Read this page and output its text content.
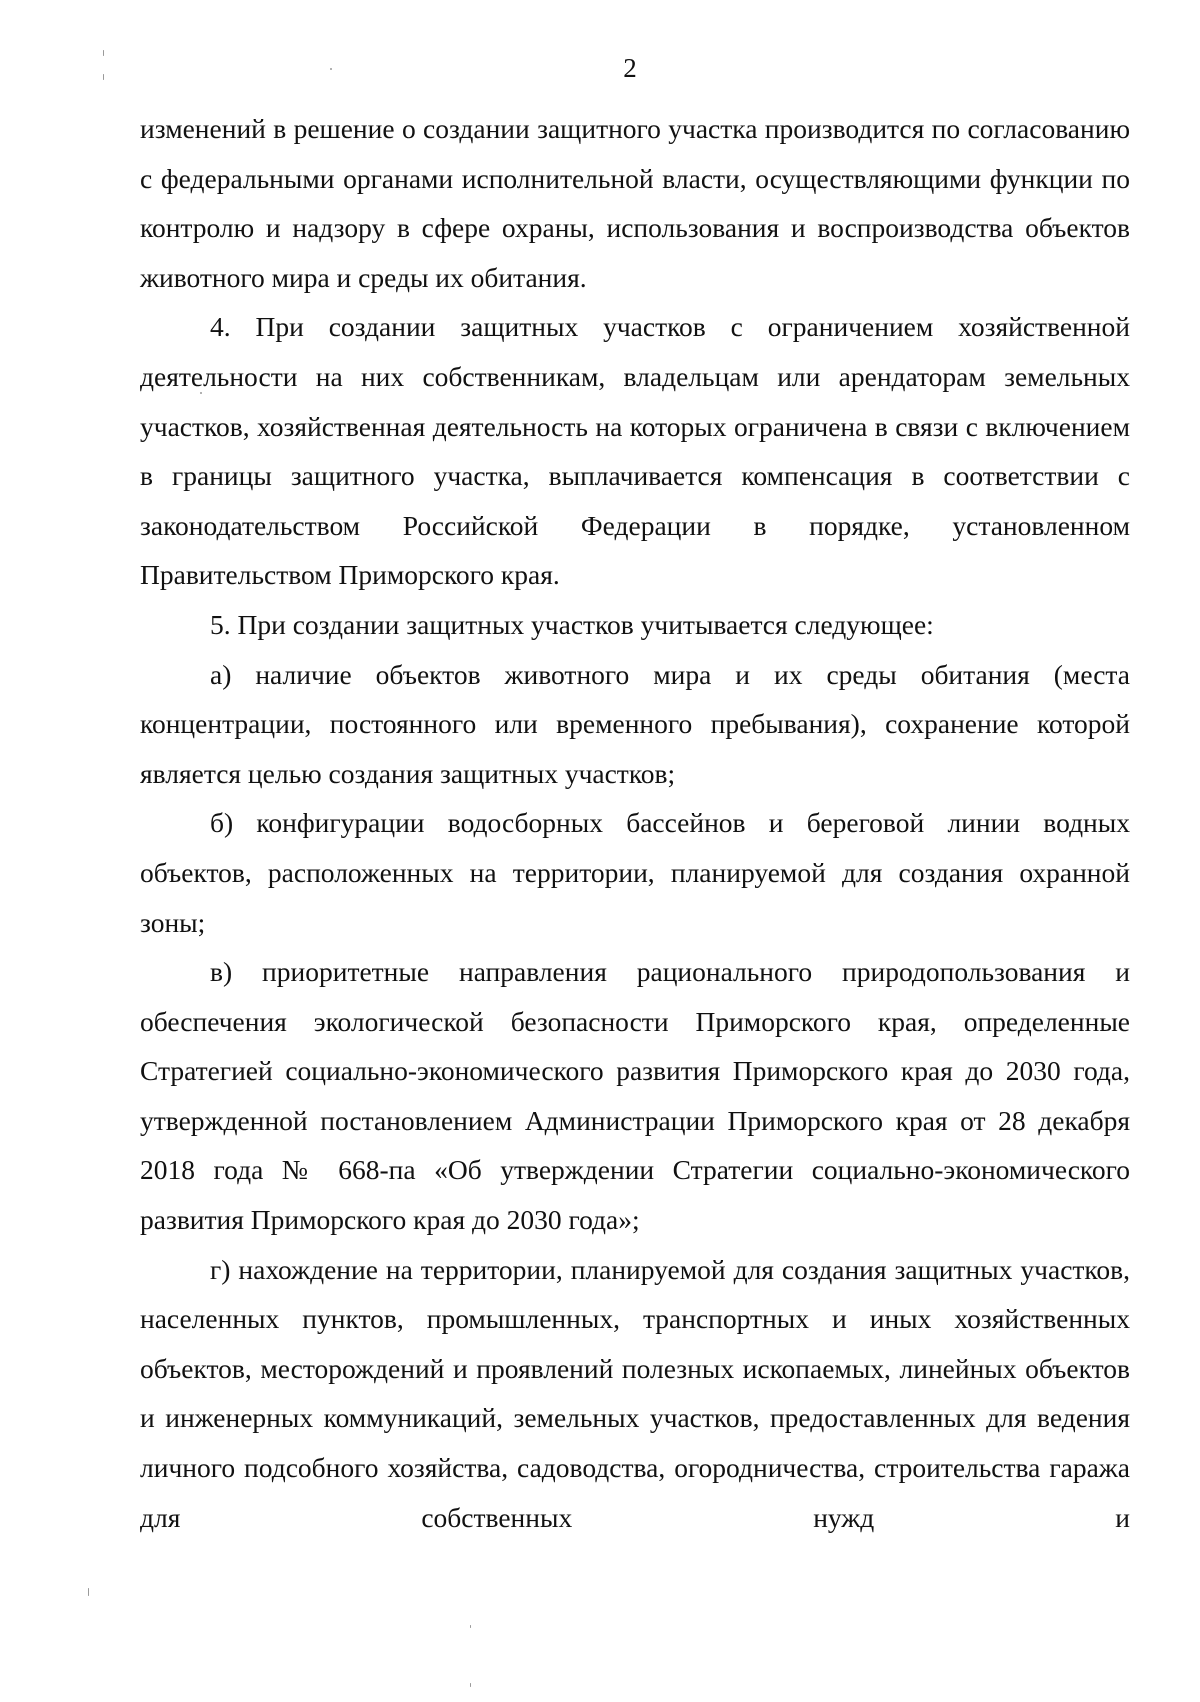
2

изменений в решение о создании защитного участка производится по согласованию с федеральными органами исполнительной власти, осуществляющими функции по контролю и надзору в сфере охраны, использования и воспроизводства объектов животного мира и среды их обитания.

4. При создании защитных участков с ограничением хозяйственной деятельности на них собственникам, владельцам или арендаторам земельных участков, хозяйственная деятельность на которых ограничена в связи с включением в границы защитного участка, выплачивается компенсация в соответствии с законодательством Российской Федерации в порядке, установленном Правительством Приморского края.

5. При создании защитных участков учитывается следующее:

а) наличие объектов животного мира и их среды обитания (места концентрации, постоянного или временного пребывания), сохранение которой является целью создания защитных участков;

б) конфигурации водосборных бассейнов и береговой линии водных объектов, расположенных на территории, планируемой для создания охранной зоны;

в) приоритетные направления рационального природопользования и обеспечения экологической безопасности Приморского края, определенные Стратегией социально-экономического развития Приморского края до 2030 года, утвержденной постановлением Администрации Приморского края от 28 декабря 2018 года № 668-па «Об утверждении Стратегии социально-экономического развития Приморского края до 2030 года»;

г) нахождение на территории, планируемой для создания защитных участков, населенных пунктов, промышленных, транспортных и иных хозяйственных объектов, месторождений и проявлений полезных ископаемых, линейных объектов и инженерных коммуникаций, земельных участков, предоставленных для ведения личного подсобного хозяйства, садоводства, огородничества, строительства гаража для собственных нужд и
